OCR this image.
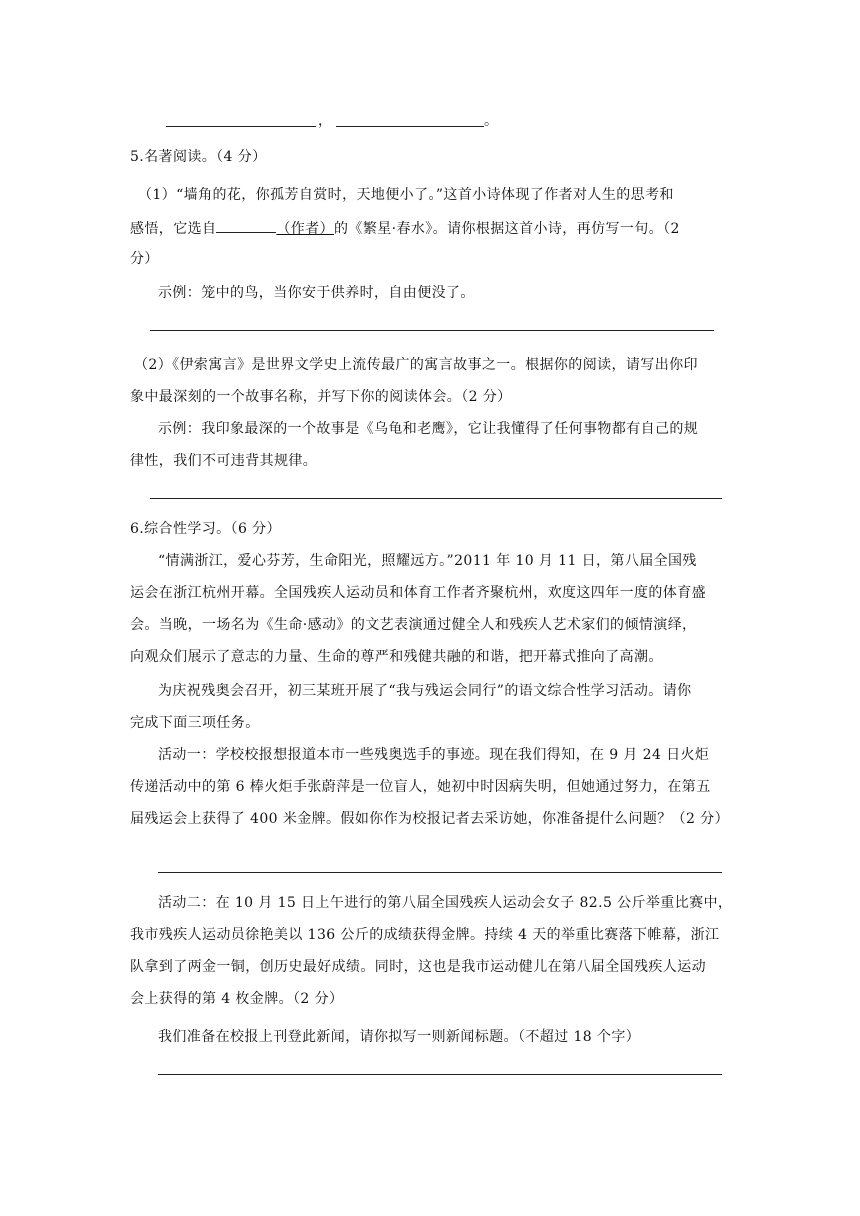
，	。
5.名著阅读。（4 分）
（1）“墙角的花，你孤芳自赏时，天地便小了。”这首小诗体现了作者对人生的思考和
感悟，它选自	（作者）的《繁星·春水》。请你根据这首小诗，再仿写一句。（2
分）
示例：笼中的鸟，当你安于供养时，自由便没了。
（2）《伊索寓言》是世界文学史上流传最广的寓言故事之一。根据你的阅读，请写出你印
象中最深刻的一个故事名称，并写下你的阅读体会。（2 分）
示例：我印象最深的一个故事是《乌龟和老鹰》，它让我懂得了任何事物都有自己的规
律性，我们不可违背其规律。
6.综合性学习。（6 分）
“情满浙江，爱心芬芳，生命阳光，照耀远方。”2011 年 10 月 11 日，第八届全国残
运会在浙江杭州开幕。全国残疾人运动员和体育工作者齐聚杭州，欢度这四年一度的体育盛
会。当晚，一场名为《生命·感动》的文艺表演通过健全人和残疾人艺术家们的倾情演绎，
向观众们展示了意志的力量、生命的尊严和残健共融的和谐，把开幕式推向了高潮。
为庆祝残奥会召开，初三某班开展了“我与残运会同行”的语文综合性学习活动。请你
完成下面三项任务。
活动一：学校校报想报道本市一些残奥选手的事迹。现在我们得知，在 9 月 24 日火炬
传递活动中的第 6 棒火炬手张蔚萍是一位盲人，她初中时因病失明，但她通过努力，在第五
届残运会上获得了 400 米金牌。假如你作为校报记者去采访她，你准备提什么问题？（2 分）
活动二：在 10 月 15 日上午进行的第八届全国残疾人运动会女子 82.5 公斤举重比赛中，
我市残疾人运动员徐艳美以 136 公斤的成绩获得金牌。持续 4 天的举重比赛落下帷幕，浙江
队拿到了两金一铜，创历史最好成绩。同时，这也是我市运动健儿在第八届全国残疾人运动
会上获得的第 4 枚金牌。（2 分）
我们准备在校报上刊登此新闻，请你拟写一则新闻标题。（不超过 18 个字）
